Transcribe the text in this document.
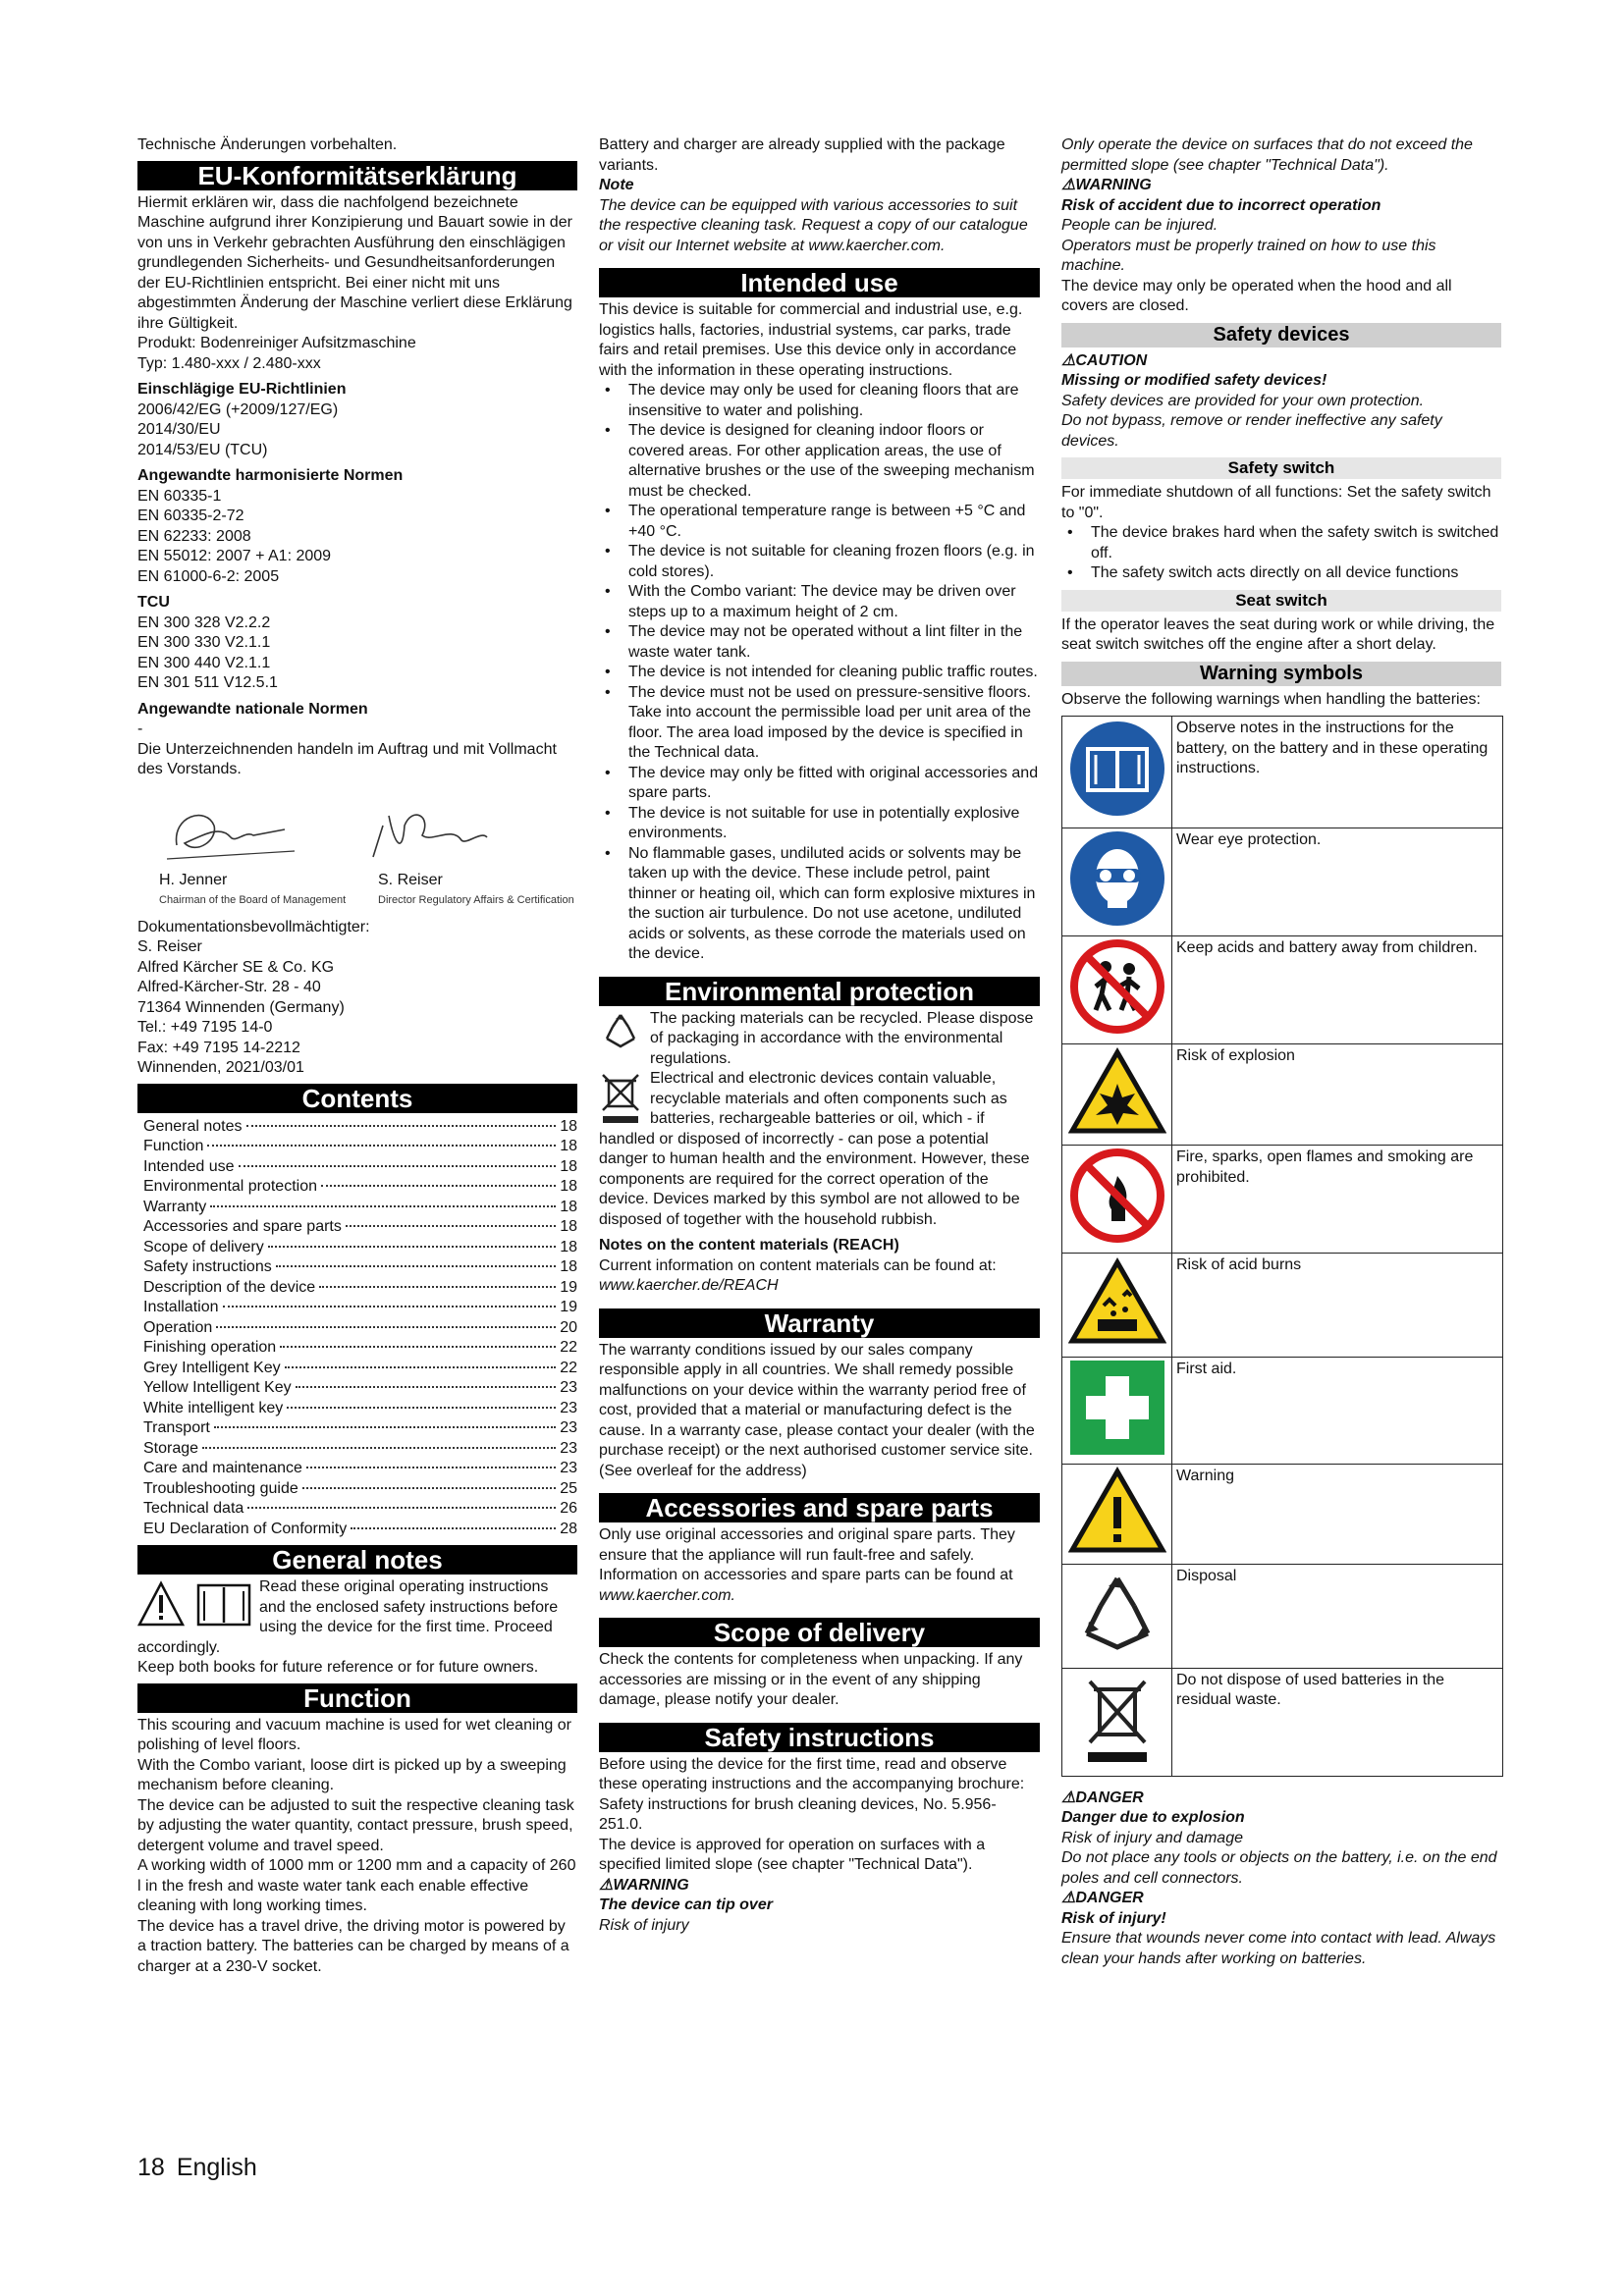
Technische Änderungen vorbehalten.

EU-Konformitätserklärung

Hiermit erklären wir, dass die nachfolgend bezeichnete Maschine aufgrund ihrer Konzipierung und Bauart sowie in der von uns in Verkehr gebrachten Ausführung den einschlägigen grundlegenden Sicherheits- und Gesundheitsanforderungen der EU-Richtlinien entspricht. Bei einer nicht mit uns abgestimmten Änderung der Maschine verliert diese Erklärung ihre Gültigkeit.

Produkt: Bodenreiniger Aufsitzmaschine

Typ: 1.480-xxx / 2.480-xxx

Einschlägige EU-Richtlinien

2006/42/EG (+2009/127/EG)

2014/30/EU

2014/53/EU (TCU)

Angewandte harmonisierte Normen

EN 60335-1

EN 60335-2-72

EN 62233: 2008

EN 55012: 2007 + A1: 2009

EN 61000-6-2: 2005

TCU

EN 300 328 V2.2.2

EN 300 330 V2.1.1

EN 300 440 V2.1.1

EN 301 511 V12.5.1

Angewandte nationale Normen

-

Die Unterzeichnenden handeln im Auftrag und mit Vollmacht des Vorstands.

H. Jenner
Chairman of the Board of Management
S. Reiser
Director Regulatory Affairs & Certification

Dokumentationsbevollmächtigter:

S. Reiser

Alfred Kärcher SE & Co. KG

Alfred-Kärcher-Str. 28 - 40

71364 Winnenden (Germany)

Tel.: +49 7195 14-0

Fax: +49 7195 14-2212

Winnenden, 2021/03/01

Contents
General notes	18
Function	18
Intended use	18
Environmental protection	18
Warranty	18
Accessories and spare parts	18
Scope of delivery	18
Safety instructions	18
Description of the device	19
Installation	19
Operation	20
Finishing operation	22
Grey Intelligent Key	22
Yellow Intelligent Key	23
White intelligent key	23
Transport	23
Storage	23
Care and maintenance	23
Troubleshooting guide	25
Technical data	26
EU Declaration of Conformity	28
General notes

Read these original operating instructions and the enclosed safety instructions before using the device for the first time. Proceed accordingly.

Keep both books for future reference or for future owners.

Function

This scouring and vacuum machine is used for wet cleaning or polishing of level floors.

With the Combo variant, loose dirt is picked up by a sweeping mechanism before cleaning.

The device can be adjusted to suit the respective cleaning task by adjusting the water quantity, contact pressure, brush speed, detergent volume and travel speed.

A working width of 1000 mm or 1200 mm and a capacity of 260 l in the fresh and waste water tank each enable effective cleaning with long working times.

The device has a travel drive, the driving motor is powered by a traction battery. The batteries can be charged by means of a charger at a 230-V socket.

Battery and charger are already supplied with the package variants.

Note

The device can be equipped with various accessories to suit the respective cleaning task. Request a copy of our catalogue or visit our Internet website at www.kaercher.com.

Intended use

This device is suitable for commercial and industrial use, e.g. logistics halls, factories, industrial systems, car parks, trade fairs and retail premises. Use this device only in accordance with the information in these operating instructions.

• The device may only be used for cleaning floors that are insensitive to water and polishing.
• The device is designed for cleaning indoor floors or covered areas. For other application areas, the use of alternative brushes or the use of the sweeping mechanism must be checked.
• The operational temperature range is between +5 °C and +40 °C.
• The device is not suitable for cleaning frozen floors (e.g. in cold stores).
• With the Combo variant: The device may be driven over steps up to a maximum height of 2 cm.
• The device may not be operated without a lint filter in the waste water tank.
• The device is not intended for cleaning public traffic routes.
• The device must not be used on pressure-sensitive floors. Take into account the permissible load per unit area of the floor. The area load imposed by the device is specified in the Technical data.
• The device may only be fitted with original accessories and spare parts.
• The device is not suitable for use in potentially explosive environments.
• No flammable gases, undiluted acids or solvents may be taken up with the device. These include petrol, paint thinner or heating oil, which can form explosive mixtures in the suction air turbulence. Do not use acetone, undiluted acids or solvents, as these corrode the materials used on the device.
Environmental protection

The packing materials can be recycled. Please dispose of packaging in accordance with the environmental regulations.

Electrical and electronic devices contain valuable, recyclable materials and often components such as batteries, rechargeable batteries or oil, which - if handled or disposed of incorrectly - can pose a potential danger to human health and the environment. However, these components are required for the correct operation of the device. Devices marked by this symbol are not allowed to be disposed of together with the household rubbish.

Notes on the content materials (REACH)

Current information on content materials can be found at:

www.kaercher.de/REACH

Warranty

The warranty conditions issued by our sales company responsible apply in all countries. We shall remedy possible malfunctions on your device within the warranty period free of cost, provided that a material or manufacturing defect is the cause. In a warranty case, please contact your dealer (with the purchase receipt) or the next authorised customer service site.

(See overleaf for the address)

Accessories and spare parts

Only use original accessories and original spare parts. They ensure that the appliance will run fault-free and safely.

Information on accessories and spare parts can be found at

www.kaercher.com.

Scope of delivery

Check the contents for completeness when unpacking. If any accessories are missing or in the event of any shipping damage, please notify your dealer.

Safety instructions

Before using the device for the first time, read and observe these operating instructions and the accompanying brochure: Safety instructions for brush cleaning devices, No. 5.956-251.0.

The device is approved for operation on surfaces with a specified limited slope (see chapter "Technical Data").

⚠WARNING

The device can tip over

Risk of injury

Only operate the device on surfaces that do not exceed the permitted slope (see chapter "Technical Data").

⚠WARNING

Risk of accident due to incorrect operation

People can be injured.

Operators must be properly trained on how to use this machine.

The device may only be operated when the hood and all covers are closed.

Safety devices

⚠CAUTION

Missing or modified safety devices!

Safety devices are provided for your own protection.

Do not bypass, remove or render ineffective any safety devices.

Safety switch

For immediate shutdown of all functions: Set the safety switch to "0".

• The device brakes hard when the safety switch is switched off.
• The safety switch acts directly on all device functions
Seat switch

If the operator leaves the seat during work or while driving, the seat switch switches off the engine after a short delay.

Warning symbols

Observe the following warnings when handling the batteries:

	Observe notes in the instructions for the battery, on the battery and in these operating instructions.
	Wear eye protection.
	Keep acids and battery away from children.
	Risk of explosion
	Fire, sparks, open flames and smoking are prohibited.
	Risk of acid burns
	First aid.
	Warning
	Disposal
	Do not dispose of used batteries in the residual waste.

⚠DANGER

Danger due to explosion

Risk of injury and damage

Do not place any tools or objects on the battery, i.e. on the end poles and cell connectors.

⚠DANGER

Risk of injury!

Ensure that wounds never come into contact with lead. Always clean your hands after working on batteries.

18 English
